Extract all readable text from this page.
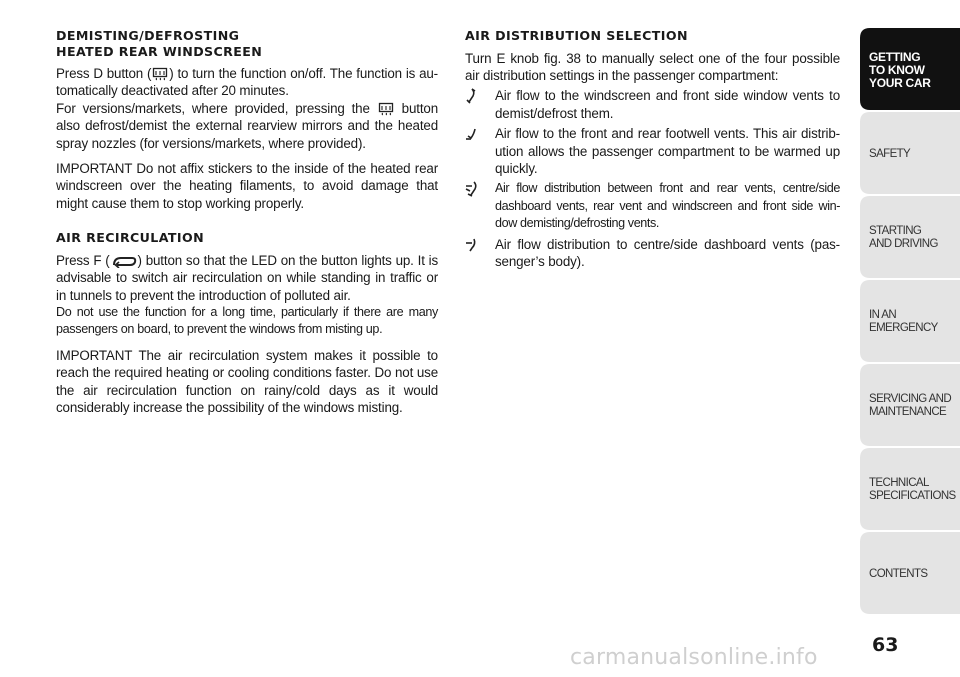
DEMISTING/DEFROSTING
HEATED REAR WINDSCREEN

Press D button ( ) to turn the function on/off. The function is au-tomatically deactivated after 20 minutes.

For versions/markets, where provided, pressing the  button also defrost/demist the external rearview mirrors and the heated spray nozzles (for versions/markets, where provided).

IMPORTANT Do not affix stickers to the inside of the heated rear windscreen over the heating filaments, to avoid damage that might cause them to stop working properly.

AIR RECIRCULATION

Press F ( ) button so that the LED on the button lights up. It is advisable to switch air recirculation on while standing in traffic or in tunnels to prevent the introduction of polluted air.

Do not use the function for a long time, particularly if there are many passengers on board, to prevent the windows from misting up.

IMPORTANT The air recirculation system makes it possible to reach the required heating or cooling conditions faster. Do not use the air recirculation function on rainy/cold days as it would considerably increase the possibility of the windows misting.

AIR DISTRIBUTION SELECTION

Turn E knob fig. 38 to manually select one of the four possible air distribution settings in the passenger compartment:

Air flow to the windscreen and front side window vents to demist/defrost them.
Air flow to the front and rear footwell vents. This air distrib-ution allows the passenger compartment to be warmed up quickly.
Air flow distribution between front and rear vents, centre/side dashboard vents, rear vent and windscreen and front side win-dow demisting/defrosting vents.
Air flow distribution to centre/side dashboard vents (pas-senger’s body).
GETTING
TO KNOW
YOUR CAR
SAFETY
STARTING
AND DRIVING
IN AN
EMERGENCY
SERVICING AND
MAINTENANCE
TECHNICAL
SPECIFICATIONS
CONTENTS
63
carmanualsonline.info
